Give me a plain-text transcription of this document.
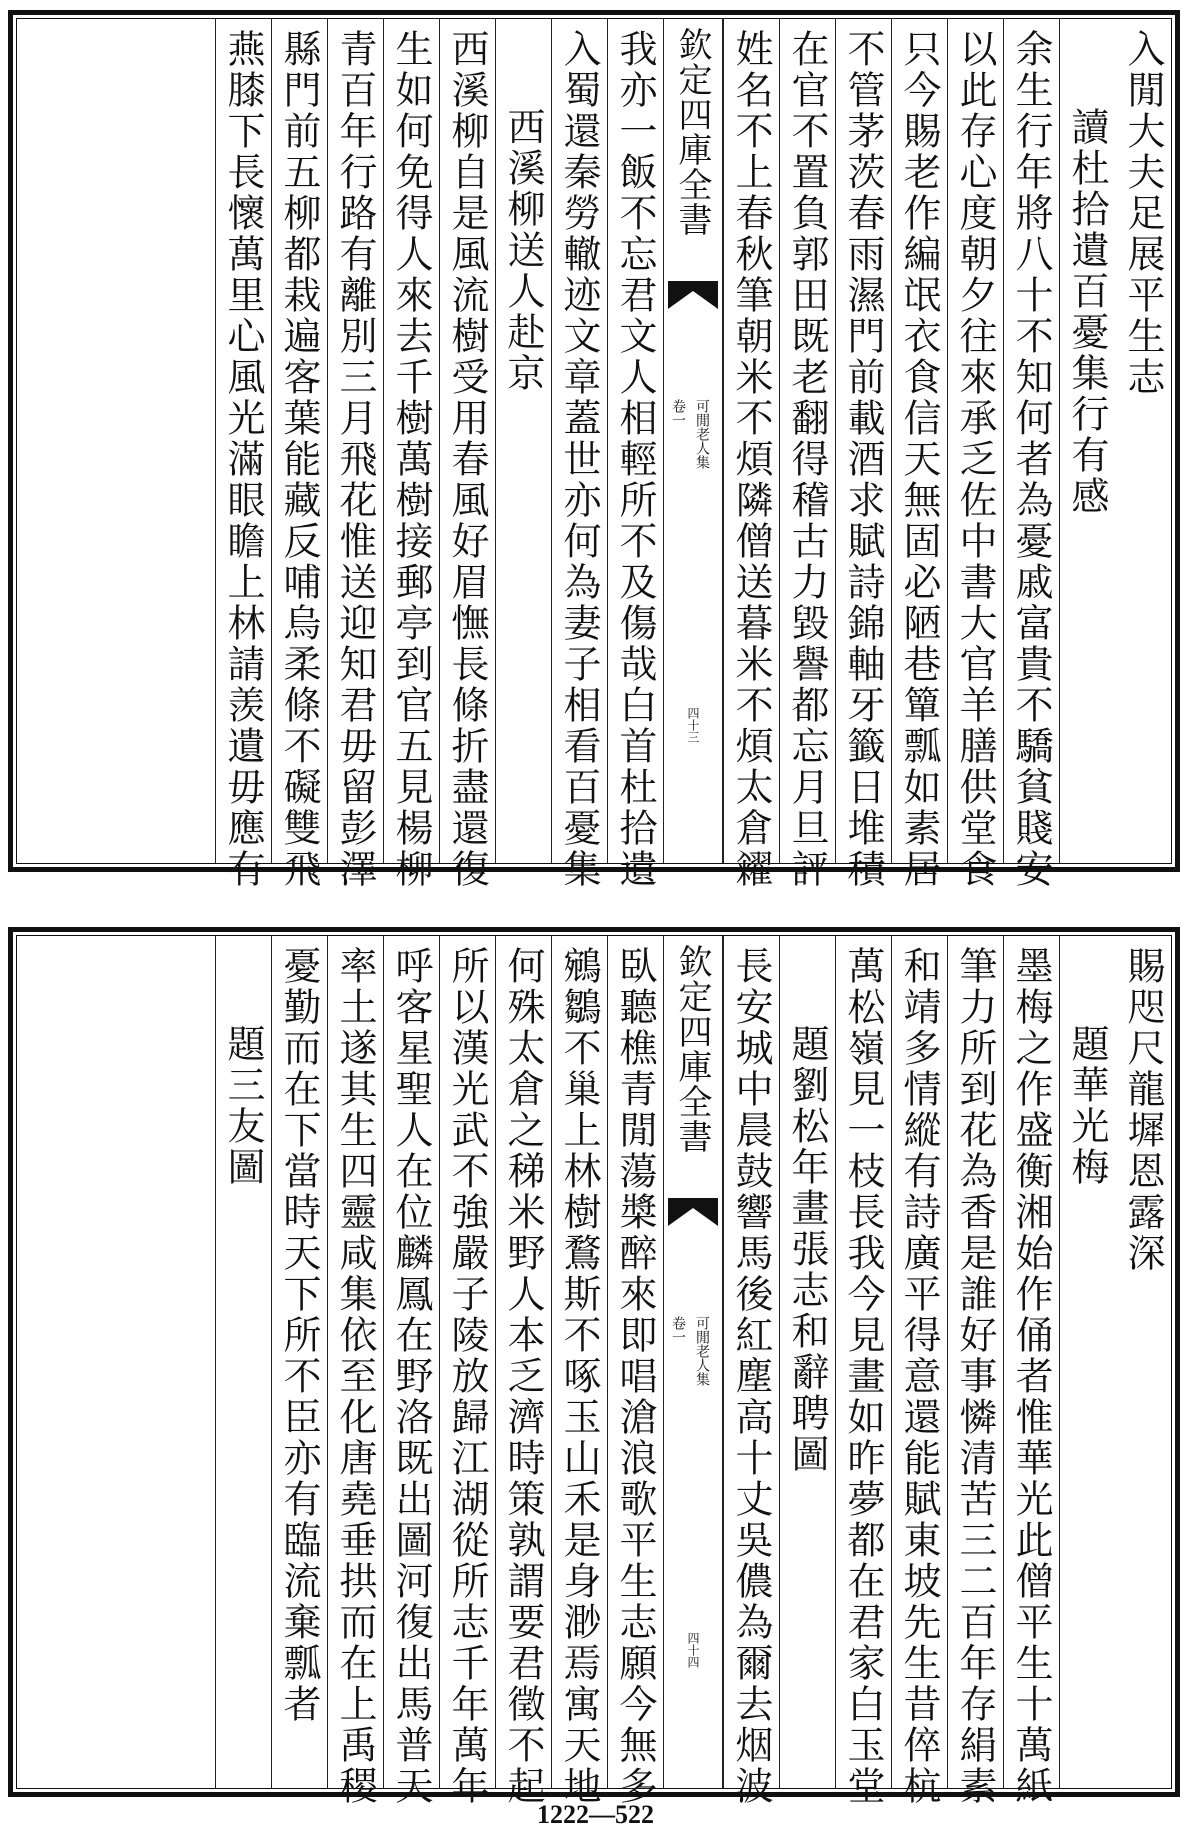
入閒大夫足展平生志
讀杜拾遺百憂集行有感
余生行年將八十不知何者為憂戚富貴不驕貧賤安
以此存心度朝夕往來承乏佐中書大官羊膳供堂食
只今賜老作編氓衣食信天無固必陋巷簞瓢如素居
不管茅茨春雨濕門前載酒求賦詩錦軸牙籤日堆積
在官不置負郭田既老翻得稽古力毀譽都忘月旦評
姓名不上春秋筆朝米不煩隣僧送暮米不煩太倉糴
欽定四庫全書
可閒老人集
卷一
四十三
我亦一飯不忘君文人相輕所不及傷哉白首杜拾遺
入蜀還秦勞轍迹文章蓋世亦何為妻子相看百憂集
西溪柳送人赴京
西溪柳自是風流樹受用春風好眉憮長條折盡還復
生如何免得人來去千樹萬樹接郵亭到官五見楊柳
青百年行路有離別三月飛花惟送迎知君毋留彭澤
縣門前五柳都栽遍客葉能藏反哺烏柔條不礙雙飛
燕膝下長懷萬里心風光滿眼瞻上林請羡遺毋應有
賜咫尺龍墀恩露深
題華光梅
墨梅之作盛衡湘始作俑者惟華光此僧平生十萬紙
筆力所到花為香是誰好事憐清苦三二百年存絹素
和靖多情縱有詩廣平得意還能賦東坡先生昔倅杭
萬松嶺見一枝長我今見畫如昨夢都在君家白玉堂
題劉松年畫張志和辭聘圖
長安城中晨鼓響馬後紅塵高十丈吳儂為爾去烟波
欽定四庫全書
可閒老人集
卷一
四十四
臥聽樵青閒蕩槳醉來即唱滄浪歌平生志願今無多
鵷鶵不巢上林樹鶩斯不啄玉山禾是身渺焉寓天地
何殊太倉之稊米野人本乏濟時策孰謂要君徵不起
所以漢光武不強嚴子陵放歸江湖從所志千年萬年
呼客星聖人在位麟鳳在野洛既出圖河復出馬普天
率土遂其生四靈咸集依至化唐堯垂拱而在上禹稷
憂勤而在下當時天下所不臣亦有臨流棄瓢者
題三友圖
1222—522
